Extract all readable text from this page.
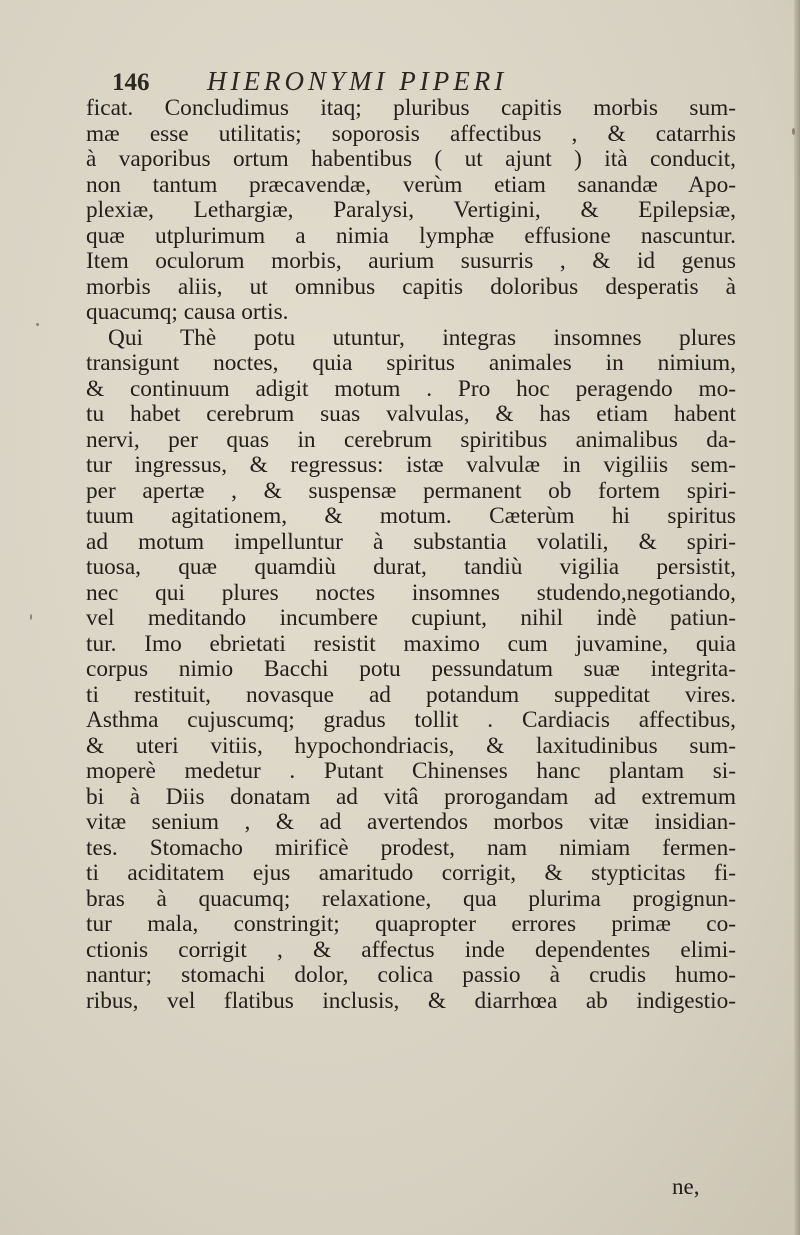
146	HIERONYMI PIPERI
ficat. Concludimus itaq; pluribus capitis morbis sum-
mæ esse utilitatis; soporosis affectibus , & catarrhis
à vaporibus ortum habentibus ( ut ajunt ) ità conducit,
non tantum præcavendæ, verùm etiam sanandæ Apo-
plexiæ, Lethargiæ, Paralysi, Vertigini, & Epilepsiæ,
quæ utplurimum a nimia lymphæ effusione nascuntur.
Item oculorum morbis, aurium susurris , & id genus
morbis aliis, ut omnibus capitis doloribus desperatis à
quacumq; causa ortis.
Qui Thè potu utuntur, integras insomnes plures
transigunt noctes, quia spiritus animales in nimium,
& continuum adigit motum . Pro hoc peragendo mo-
tu habet cerebrum suas valvulas, & has etiam habent
nervi, per quas in cerebrum spiritibus animalibus da-
tur ingressus, & regressus: istæ valvulæ in vigiliis sem-
per apertæ , & suspensæ permanent ob fortem spiri-
tuum agitationem, & motum. Cæterùm hi spiritus
ad motum impelluntur à substantia volatili, & spiri-
tuosa, quæ quamdiù durat, tandiù vigilia persistit,
nec qui plures noctes insomnes studendo,negotiando,
vel meditando incumbere cupiunt, nihil indè patiun-
tur. Imo ebrietati resistit maximo cum juvamine, quia
corpus nimio Bacchi potu pessundatum suæ integrita-
ti restituit, novasque ad potandum suppeditat vires.
Asthma cujuscumq; gradus tollit . Cardiacis affectibus,
& uteri vitiis, hypochondriacis, & laxitudinibus sum-
moperè medetur . Putant Chinenses hanc plantam si-
bi à Diis donatam ad vitâ prorogandam ad extremum
vitæ senium , & ad avertendos morbos vitæ insidian-
tes. Stomacho mirificè prodest, nam nimiam fermen-
ti aciditatem ejus amaritudo corrigit, & stypticitas fi-
bras à quacumq; relaxatione, qua plurima progignun-
tur mala, constringit; quapropter errores primæ co-
ctionis corrigit , & affectus inde dependentes elimi-
nantur; stomachi dolor, colica passio à crudis humo-
ribus, vel flatibus inclusis, & diarrhœa ab indigestio-
ne,
